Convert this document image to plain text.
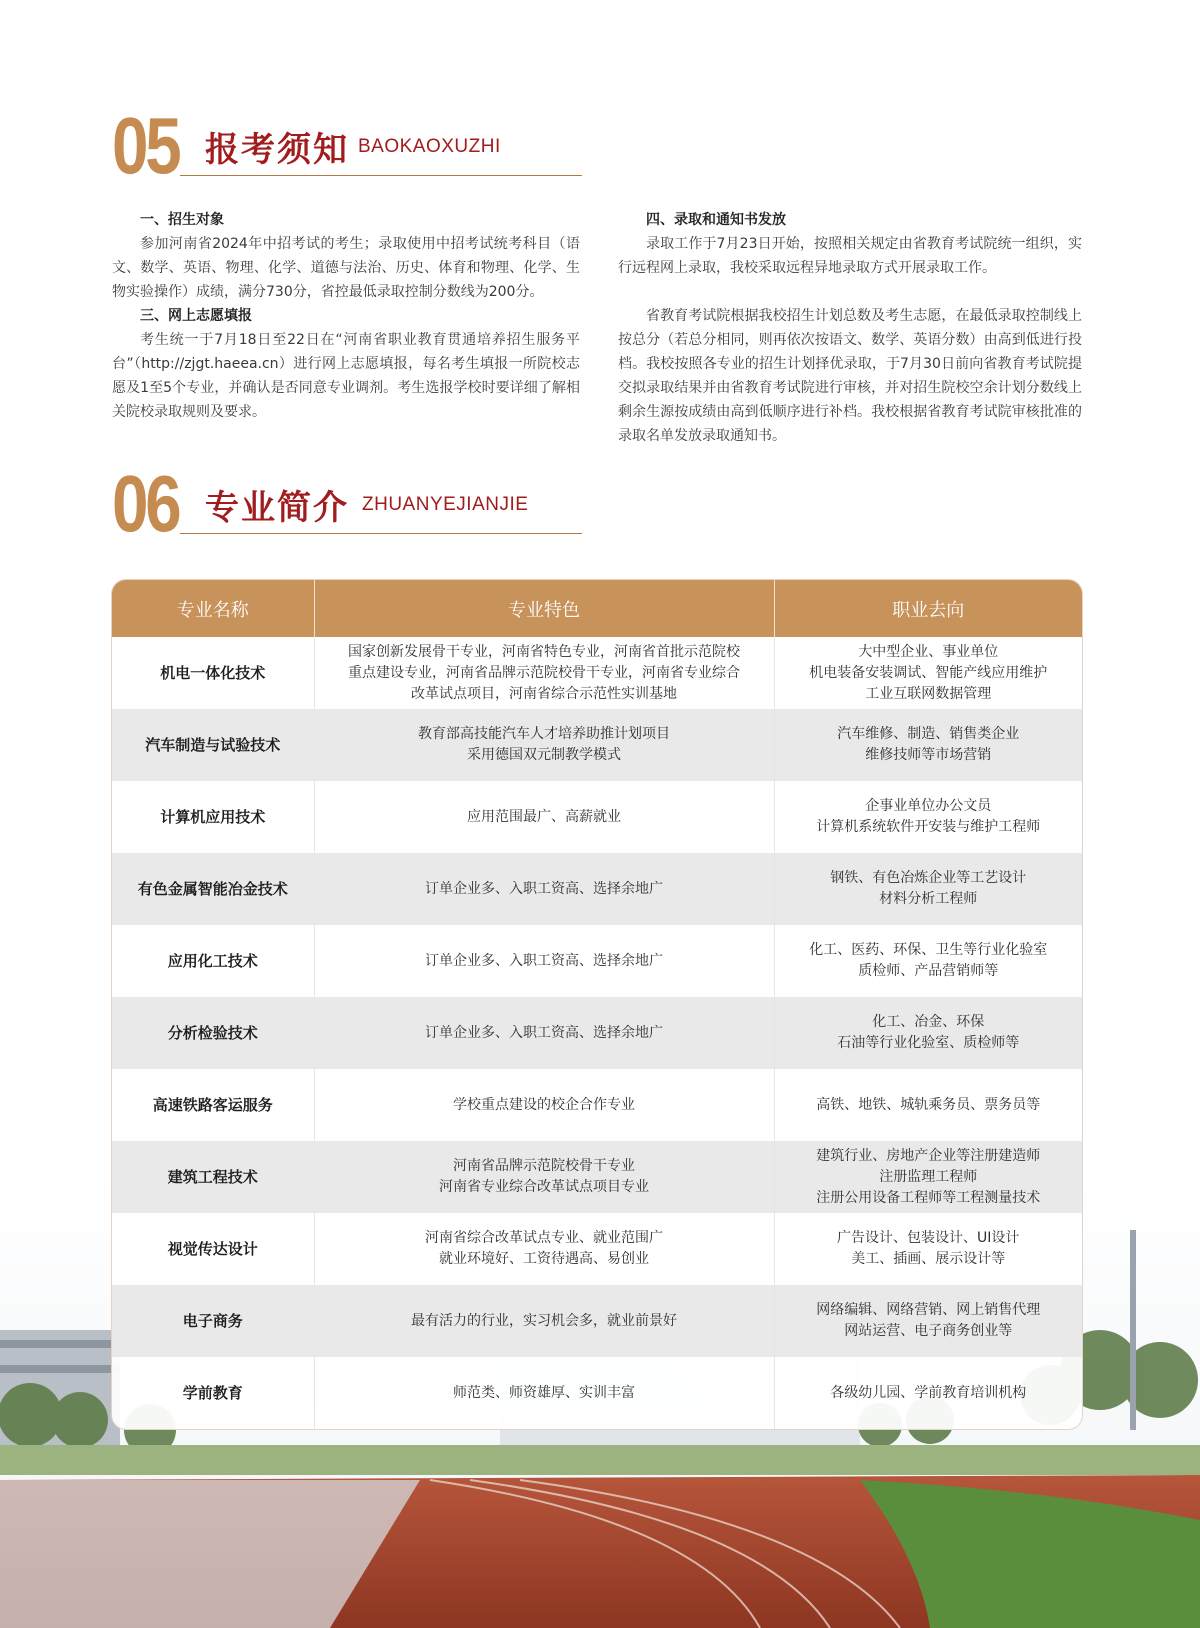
05 报考须知 BAOKAOXUZHI
一、招生对象

参加河南省2024年中招考试的考生；录取使用中招考试统考科目（语文、数学、英语、物理、化学、道德与法治、历史、体育和物理、化学、生物实验操作）成绩，满分730分，省控最低录取控制分数线为200分。

三、网上志愿填报

考生统一于7月18日至22日在“河南省职业教育贯通培养招生服务平台”（http://zjgt.haeea.cn）进行网上志愿填报，每名考生填报一所院校志愿及1至5个专业，并确认是否同意专业调剂。考生选报学校时要详细了解相关院校录取规则及要求。

四、录取和通知书发放

录取工作于7月23日开始，按照相关规定由省教育考试院统一组织，实行远程网上录取，我校采取远程异地录取方式开展录取工作。

省教育考试院根据我校招生计划总数及考生志愿，在最低录取控制线上按总分（若总分相同，则再依次按语文、数学、英语分数）由高到低进行投档。我校按照各专业的招生计划择优录取，于7月30日前向省教育考试院提交拟录取结果并由省教育考试院进行审核，并对招生院校空余计划分数线上剩余生源按成绩由高到低顺序进行补档。我校根据省教育考试院审核批准的录取名单发放录取通知书。

06 专业简介 ZHUANYEJIANJIE
专业名称	专业特色	职业去向
机电一体化技术	国家创新发展骨干专业，河南省特色专业，河南省首批示范院校
重点建设专业，河南省品牌示范院校骨干专业，河南省专业综合
改革试点项目，河南省综合示范性实训基地	大中型企业、事业单位
机电装备安装调试、智能产线应用维护
工业互联网数据管理

汽车制造与试验技术	教育部高技能汽车人才培养助推计划项目
采用德国双元制教学模式	汽车维修、制造、销售类企业
维修技师等市场营销

计算机应用技术	应用范围最广、高薪就业	企事业单位办公文员
计算机系统软件开安装与维护工程师

有色金属智能冶金技术	订单企业多、入职工资高、选择余地广	钢铁、有色冶炼企业等工艺设计
材料分析工程师

应用化工技术	订单企业多、入职工资高、选择余地广	化工、医药、环保、卫生等行业化验室
质检师、产品营销师等

分析检验技术	订单企业多、入职工资高、选择余地广	化工、冶金、环保
石油等行业化验室、质检师等

高速铁路客运服务	学校重点建设的校企合作专业	高铁、地铁、城轨乘务员、票务员等

建筑工程技术	河南省品牌示范院校骨干专业
河南省专业综合改革试点项目专业	建筑行业、房地产企业等注册建造师
注册监理工程师
注册公用设备工程师等工程测量技术

视觉传达设计	河南省综合改革试点专业、就业范围广
就业环境好、工资待遇高、易创业	广告设计、包装设计、UI设计
美工、插画、展示设计等

电子商务	最有活力的行业，实习机会多，就业前景好	网络编辑、网络营销、网上销售代理
网站运营、电子商务创业等

学前教育	师范类、师资雄厚、实训丰富	各级幼儿园、学前教育培训机构
